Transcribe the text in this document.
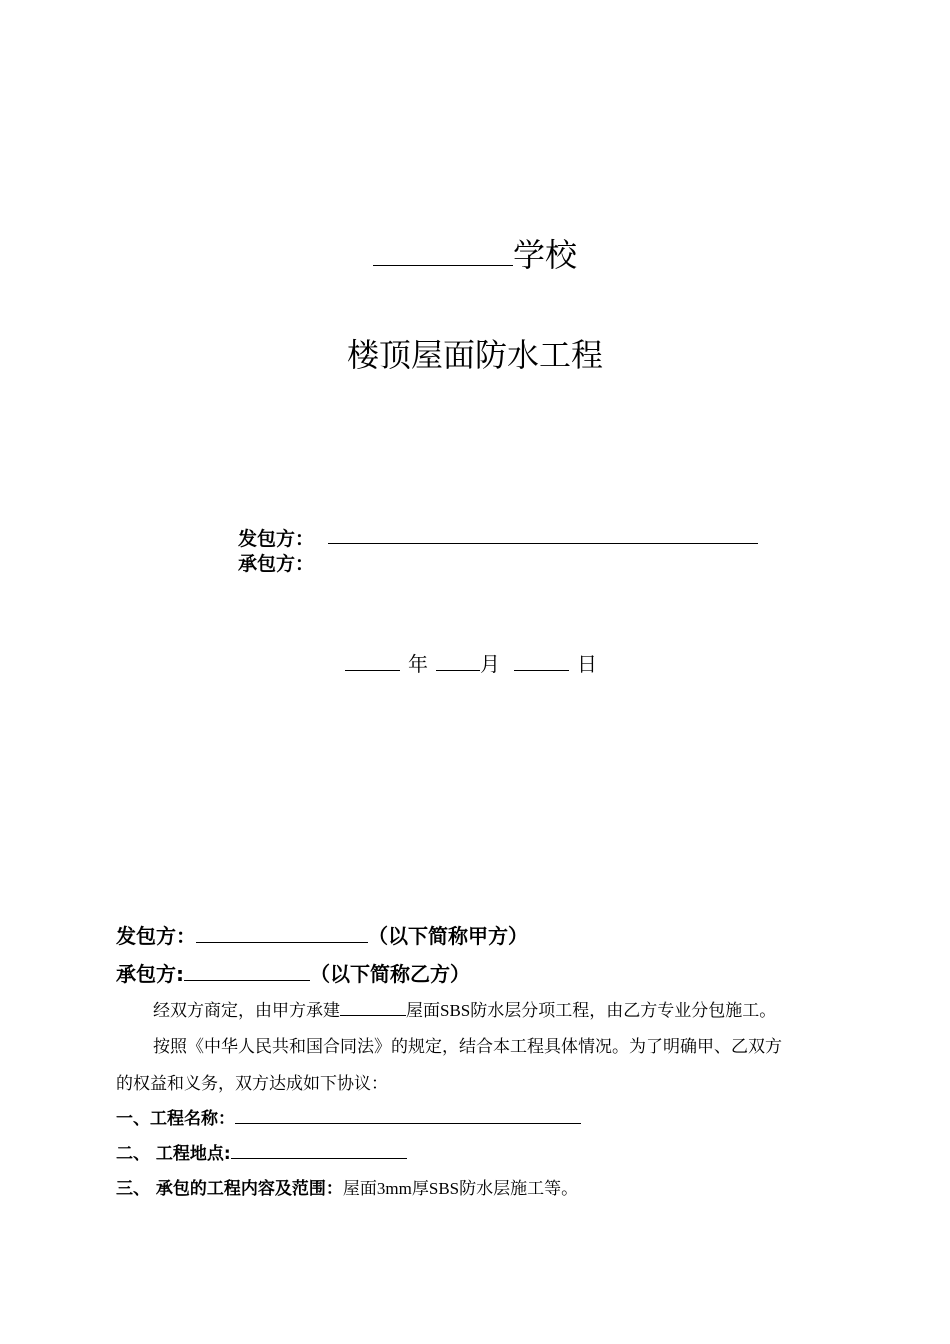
学校
楼顶屋面防水工程
发包方：
承包方：
年	月	日
发包方：	（以下简称甲方）
承包方:	（以下简称乙方）
经双方商定，由甲方承建	屋面SBS防水层分项工程，由乙方专业分包施工。
按照《中华人民共和国合同法》的规定，结合本工程具体情况。为了明确甲、乙双方
的权益和义务，双方达成如下协议：
一、工程名称：
二、 工程地点:
三、 承包的工程内容及范围：屋面3mm厚SBS防水层施工等。
